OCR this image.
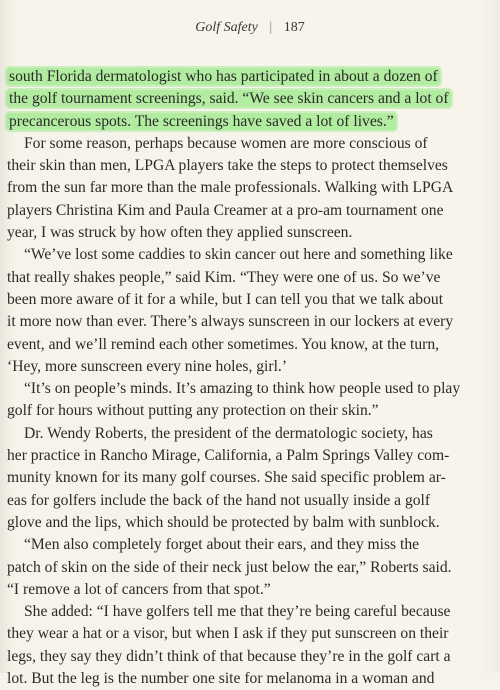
Golf Safety | 187
south Florida dermatologist who has participated in about a dozen of
the golf tournament screenings, said. “We see skin cancers and a lot of
precancerous spots. The screenings have saved a lot of lives.”
For some reason, perhaps because women are more conscious of
their skin than men, LPGA players take the steps to protect themselves
from the sun far more than the male professionals. Walking with LPGA
players Christina Kim and Paula Creamer at a pro-am tournament one
year, I was struck by how often they applied sunscreen.
“We’ve lost some caddies to skin cancer out here and something like
that really shakes people,” said Kim. “They were one of us. So we’ve
been more aware of it for a while, but I can tell you that we talk about
it more now than ever. There’s always sunscreen in our lockers at every
event, and we’ll remind each other sometimes. You know, at the turn,
‘Hey, more sunscreen every nine holes, girl.’
“It’s on people’s minds. It’s amazing to think how people used to play
golf for hours without putting any protection on their skin.”
Dr. Wendy Roberts, the president of the dermatologic society, has
her practice in Rancho Mirage, California, a Palm Springs Valley com-
munity known for its many golf courses. She said specific problem ar-
eas for golfers include the back of the hand not usually inside a golf
glove and the lips, which should be protected by balm with sunblock.
“Men also completely forget about their ears, and they miss the
patch of skin on the side of their neck just below the ear,” Roberts said.
“I remove a lot of cancers from that spot.”
She added: “I have golfers tell me that they’re being careful because
they wear a hat or a visor, but when I ask if they put sunscreen on their
legs, they say they didn’t think of that because they’re in the golf cart a
lot. But the leg is the number one site for melanoma in a woman and
